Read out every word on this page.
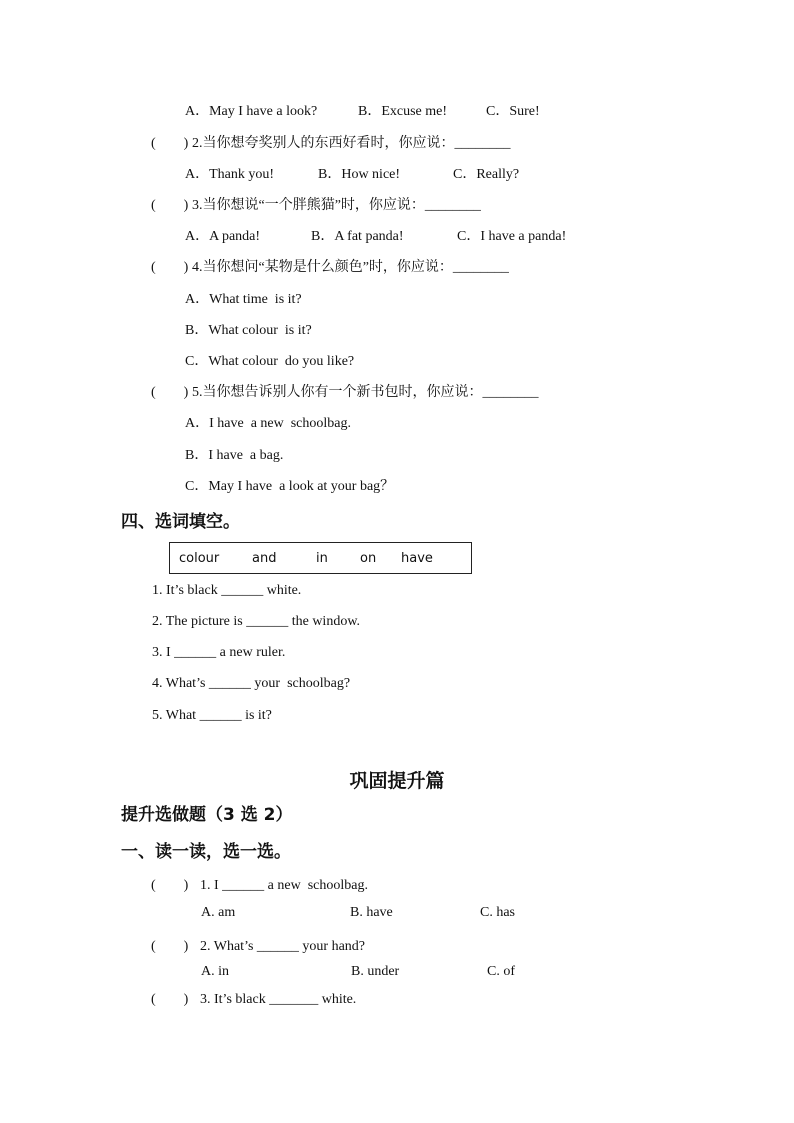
A．May I have a look?	B．Excuse me!	C．Sure!
(        ) 2.当你想夸奖别人的东西好看时，你应说：________
A．Thank you!	B．How nice!	C．Really?
(        ) 3.当你想说“一个胖熊猫”时，你应说：________
A．A panda!	B．A fat panda!	C．I have a panda!
(        ) 4.当你想问“某物是什么颜色”时，你应说：________
A．What time  is it?
B．What colour  is it?
C．What colour  do you like?
(        ) 5.当你想告诉别人你有一个新书包时，你应说：________
A．I have  a new  schoolbag.
B．I have  a bag.
C．May I have  a look at your bag？
四、选词填空。
colour	and	in on have
1. It’s black ______ white.
2. The picture is ______ the window.
3. I ______ a new ruler.
4. What’s ______ your  schoolbag?
5. What ______ is it?
巩固提升篇
提升选做题（3 选 2）
一、读一读，选一选。
(        ) 1. I ______ a new  schoolbag.
A. am	B. have	C. has
(        ) 2. What’s ______ your hand?
A. in	B. under	C. of
(        ) 3. It’s black _______ white.
